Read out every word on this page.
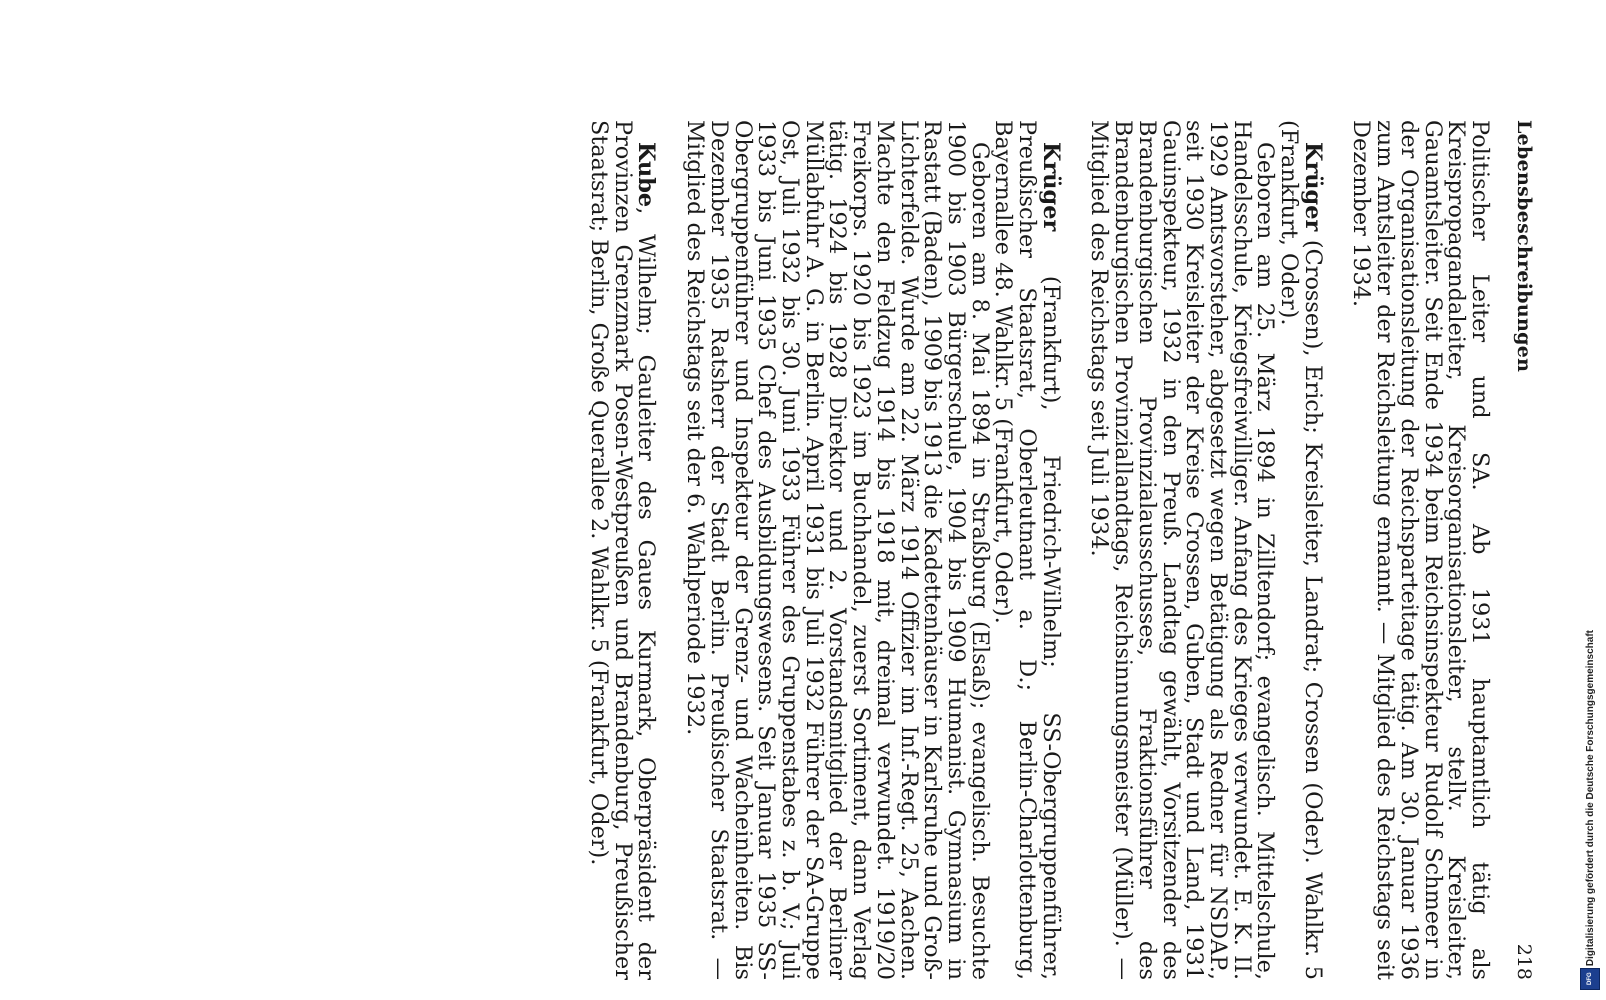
Lebensbeschreibungen
218

Politischer Leiter und SA. Ab 1931 hauptamtlich tätig als Kreispropagandaleiter, Kreisorganisationsleiter, stellv. Kreisleiter, Gauamtsleiter. Seit Ende 1934 beim Reichsinspekteur Rudolf Schmeer in der Organisationsleitung der Reichsparteitage tätig. Am 30. Januar 1936 zum Amtsleiter der Reichsleitung ernannt. — Mitglied des Reichstags seit Dezember 1934.

Krüger (Crossen), Erich; Kreisleiter, Landrat; Crossen (Oder). Wahlkr. 5 (Frankfurt, Oder).

Geboren am 25. März 1894 in Zilltendorf; evangelisch. Mittelschule, Handelsschule, Kriegsfreiwilliger. Anfang des Krieges verwundet. E. K. II. 1929 Amtsvorsteher, abgesetzt wegen Betätigung als Redner für NSDAP., seit 1930 Kreisleiter der Kreise Crossen, Guben, Stadt und Land, 1931 Gauinspekteur, 1932 in den Preuß. Landtag gewählt, Vorsitzender des Brandenburgischen Provinzialausschusses, Fraktionsführer des Brandenburgischen Provinziallandtags, Reichsinnungsmeister (Müller). — Mitglied des Reichstags seit Juli 1934.

Krüger (Frankfurt), Friedrich-Wilhelm; SS-Obergruppenführer, Preußischer Staatsrat, Oberleutnant a. D.; Berlin-Charlottenburg, Bayernallee 48. Wahlkr. 5 (Frankfurt, Oder).

Geboren am 8. Mai 1894 in Straßburg (Elsaß); evangelisch. Besuchte 1900 bis 1903 Bürgerschule, 1904 bis 1909 Humanist. Gymnasium in Rastatt (Baden), 1909 bis 1913 die Kadettenhäuser in Karlsruhe und Groß-Lichterfelde. Wurde am 22. März 1914 Offizier im Inf.-Regt. 25, Aachen. Machte den Feldzug 1914 bis 1918 mit, dreimal verwundet. 1919/20 Freikorps. 1920 bis 1923 im Buchhandel, zuerst Sortiment, dann Verlag tätig. 1924 bis 1928 Direktor und 2. Vorstandsmitglied der Berliner Müllabfuhr A. G. in Berlin. April 1931 bis Juli 1932 Führer der SA-Gruppe Ost, Juli 1932 bis 30. Juni 1933 Führer des Gruppenstabes z. b. V.; Juli 1933 bis Juni 1935 Chef des Ausbildungswesens. Seit Januar 1935 SS-Obergruppenführer und Inspekteur der Grenz- und Wacheinheiten. Bis Dezember 1935 Ratsherr der Stadt Berlin. Preußischer Staatsrat. — Mitglied des Reichstags seit der 6. Wahlperiode 1932.

Kube, Wilhelm; Gauleiter des Gaues Kurmark, Oberpräsident der Provinzen Grenzmark Posen-Westpreußen und Brandenburg, Preußischer Staatsrat; Berlin, Große Querallee 2. Wahlkr. 5 (Frankfurt, Oder).	Digitalisierung gefördert durch die Deutsche Forschungsgemeinschaft
DFG
